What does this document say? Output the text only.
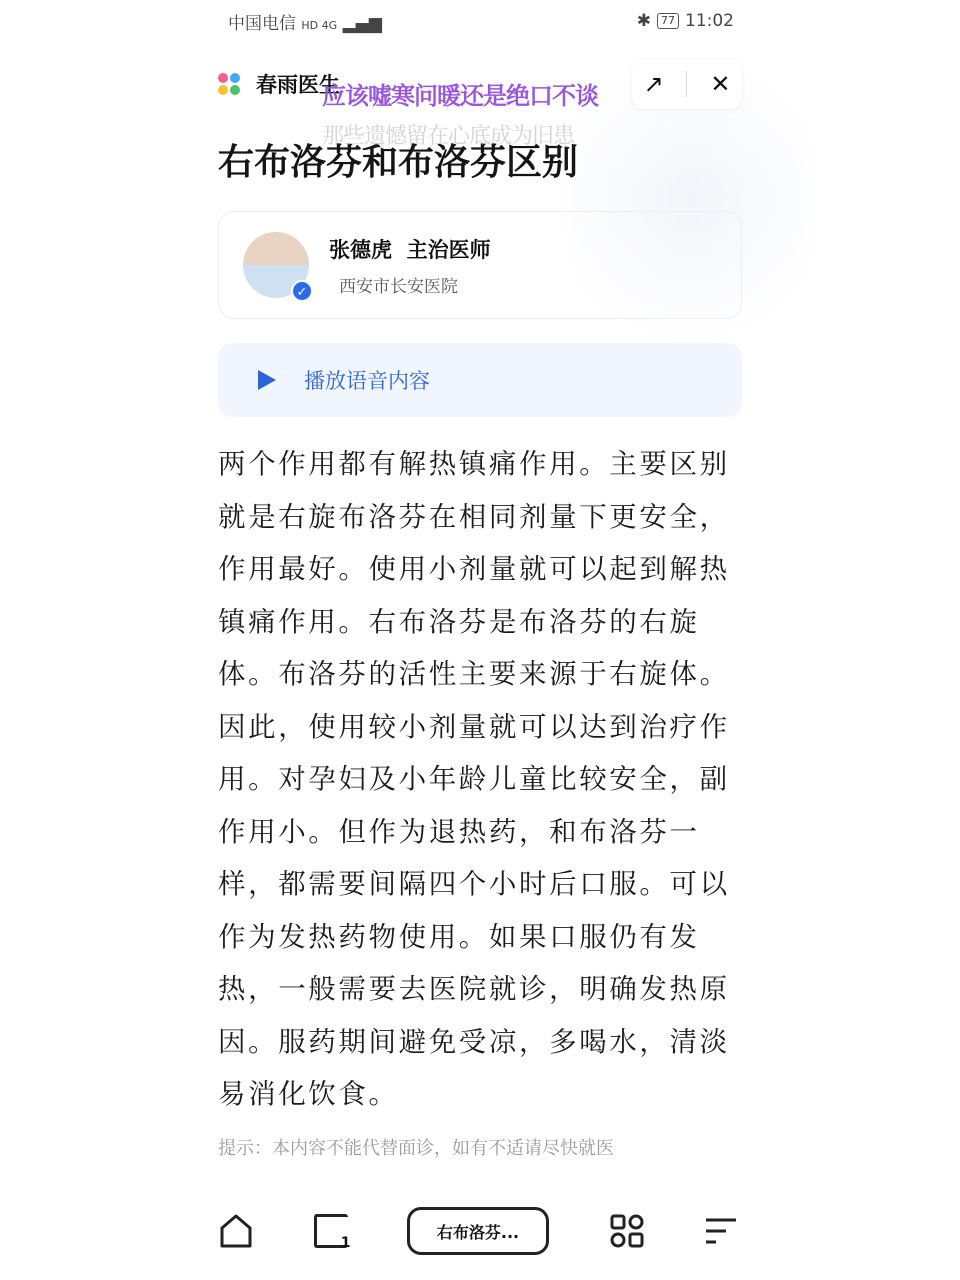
中国电信 HD 4G ▂▄▆	✱ 77 11:02
春雨医生	↗ ✕
右布洛芬和布洛芬区别
应该嘘寒问暖还是绝口不谈
那些遗憾留在心底成为旧患
✓
张德虎  主治医师
西安市长安医院
播放语音内容
两个作用都有解热镇痛作用。主要区别
就是右旋布洛芬在相同剂量下更安全，
作用最好。使用小剂量就可以起到解热
镇痛作用。右布洛芬是布洛芬的右旋
体。布洛芬的活性主要来源于右旋体。
因此，使用较小剂量就可以达到治疗作
用。对孕妇及小年龄儿童比较安全，副
作用小。但作为退热药，和布洛芬一
样，都需要间隔四个小时后口服。可以
作为发热药物使用。如果口服仍有发
热，一般需要去医院就诊，明确发热原
因。服药期间避免受凉，多喝水，清淡
易消化饮食。
提示：本内容不能代替面诊，如有不适请尽快就医
1
右布洛芬...
